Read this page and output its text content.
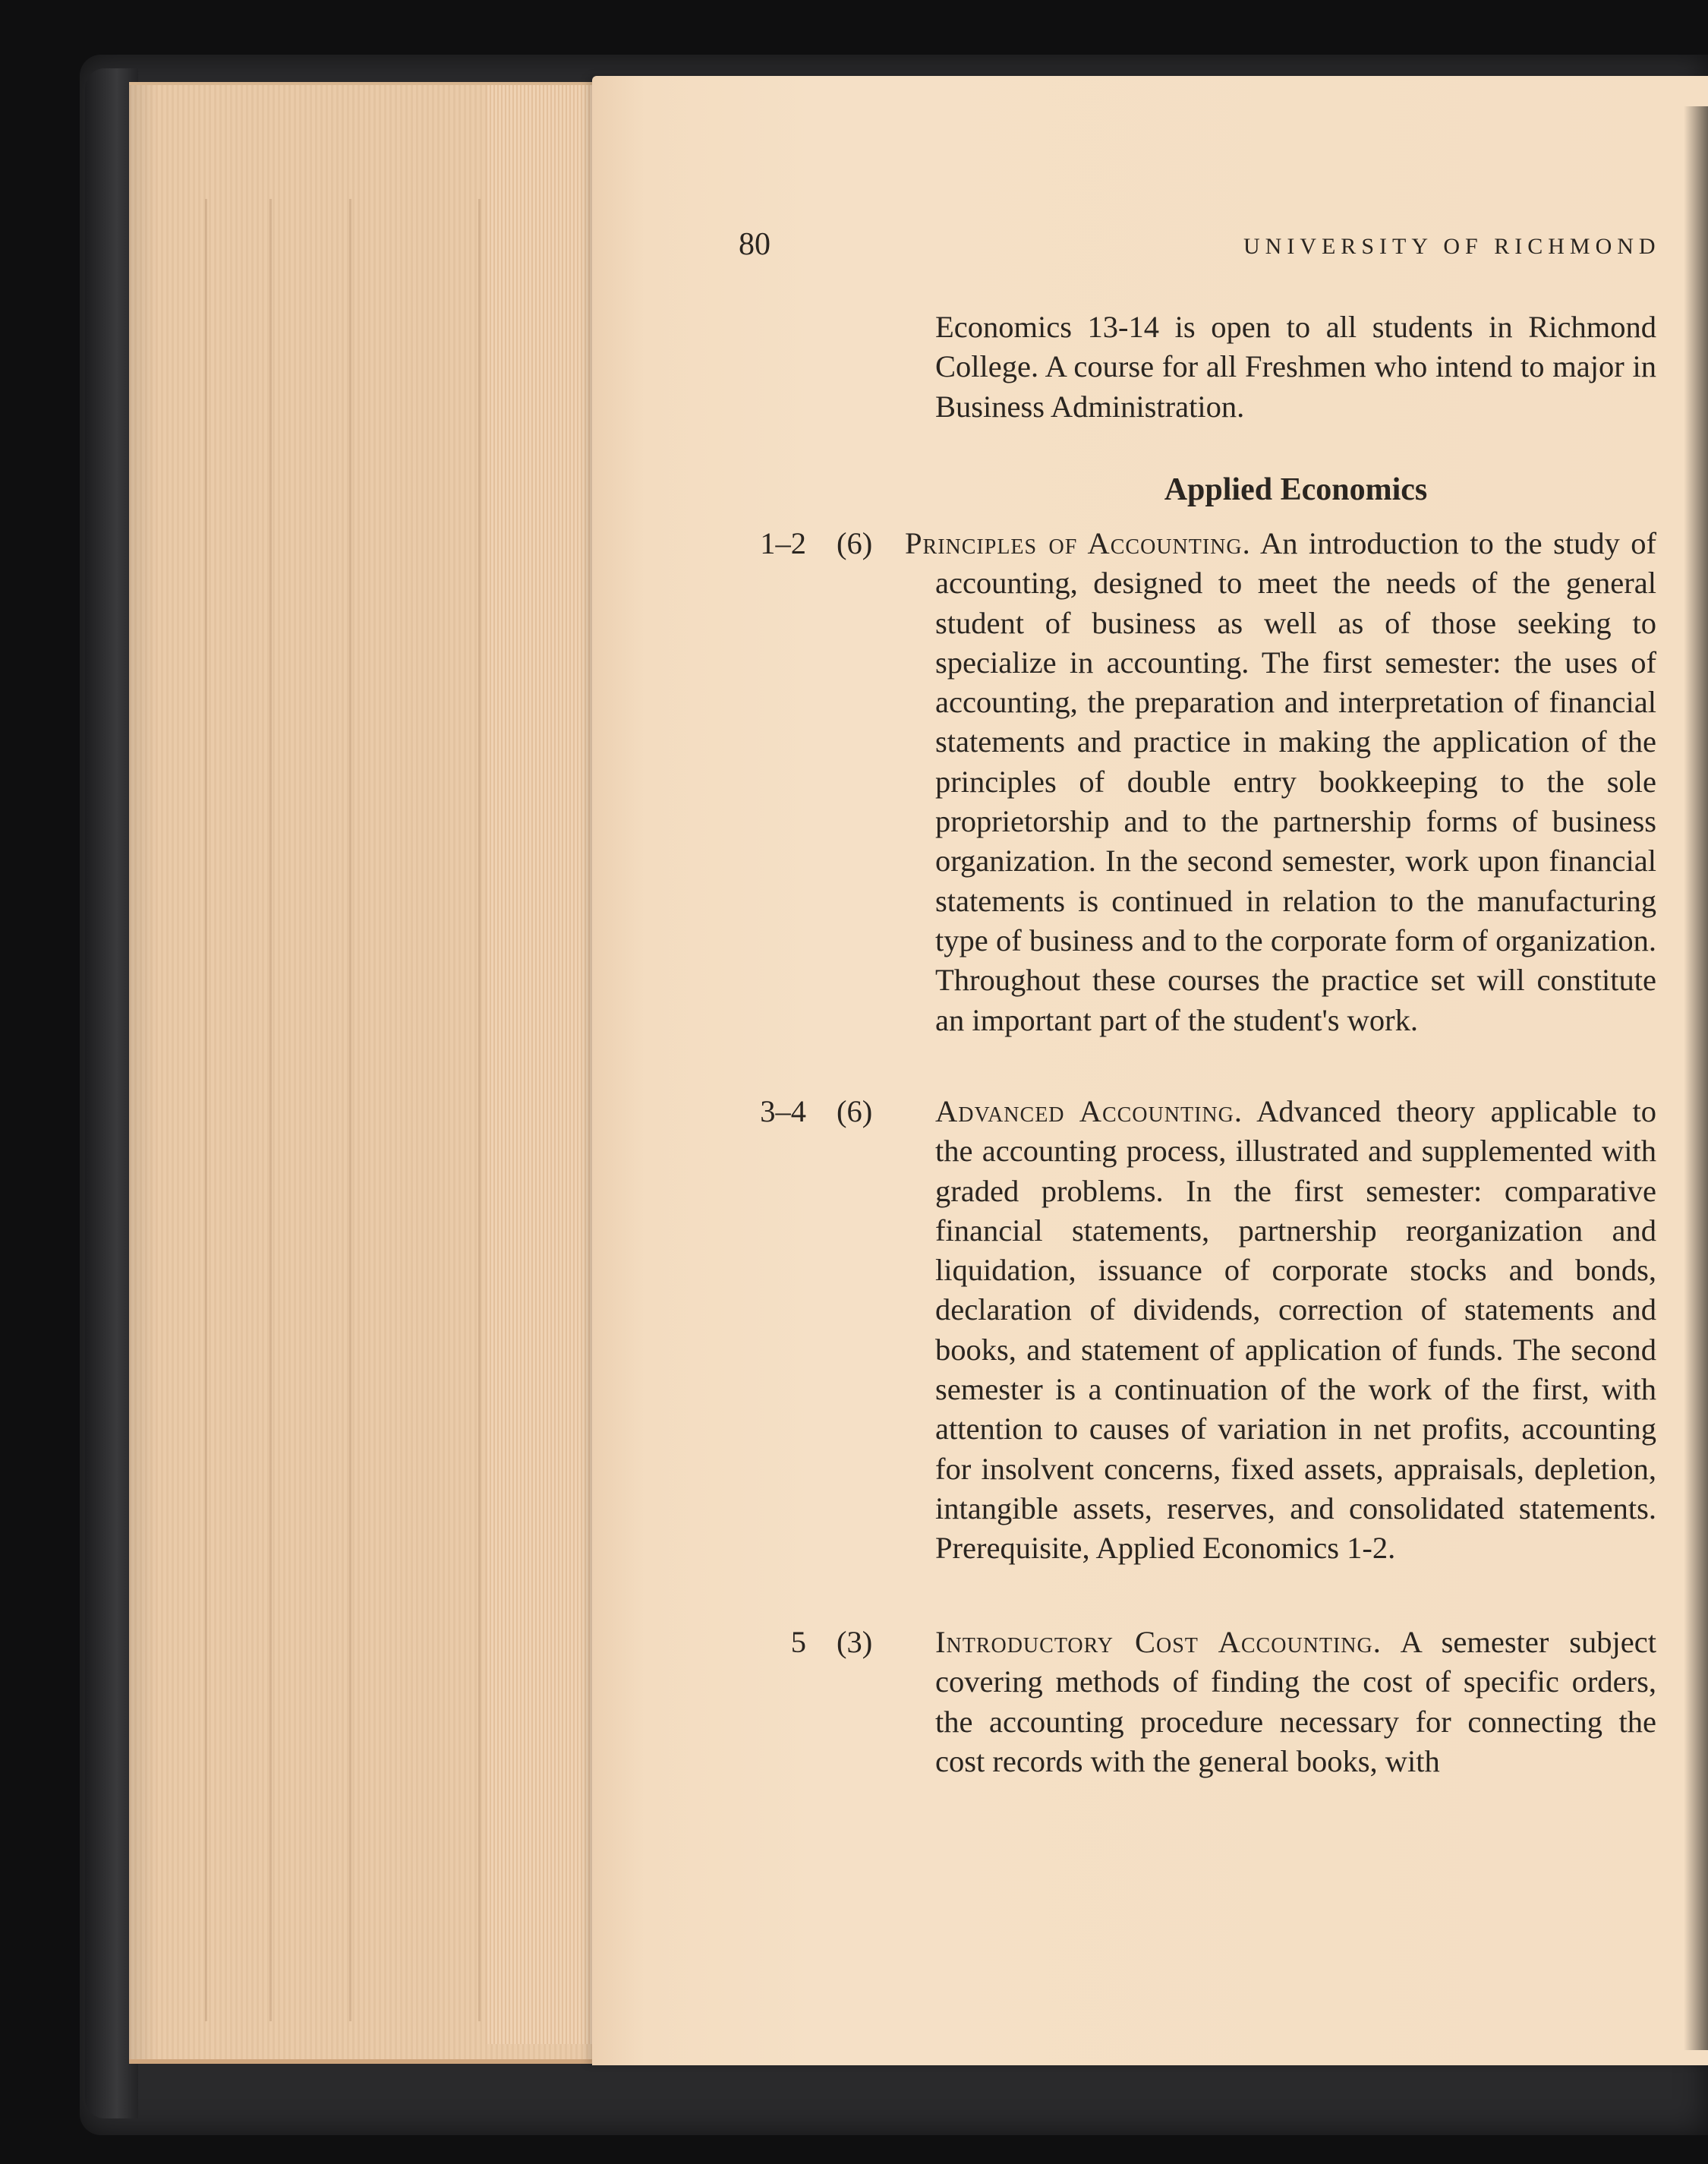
80	UNIVERSITY OF RICHMOND
Economics 13-14 is open to all students in Richmond College. A course for all Freshmen who intend to major in Business Administration.
Applied Economics
1–2 (6) Principles of Accounting. An introduction to the study of accounting, designed to meet the needs of the general student of business as well as of those seeking to specialize in accounting. The first semester: the uses of accounting, the preparation and interpretation of financial statements and practice in making the application of the principles of double entry bookkeeping to the sole proprietorship and to the partnership forms of business organization. In the second semester, work upon financial statements is continued in relation to the manufacturing type of business and to the corporate form of organization. Throughout these courses the practice set will constitute an important part of the student's work.
3–4 (6) Advanced Accounting. Advanced theory applicable to the accounting process, illustrated and supplemented with graded problems. In the first semester: comparative financial statements, partnership reorganization and liquidation, issuance of corporate stocks and bonds, declaration of dividends, correction of statements and books, and statement of application of funds. The second semester is a continuation of the work of the first, with attention to causes of variation in net profits, accounting for insolvent concerns, fixed assets, appraisals, depletion, intangible assets, reserves, and consolidated statements. Prerequisite, Applied Economics 1-2.
5 (3) Introductory Cost Accounting. A semester subject covering methods of finding the cost of specific orders, the accounting procedure necessary for connecting the cost records with the general books, with
